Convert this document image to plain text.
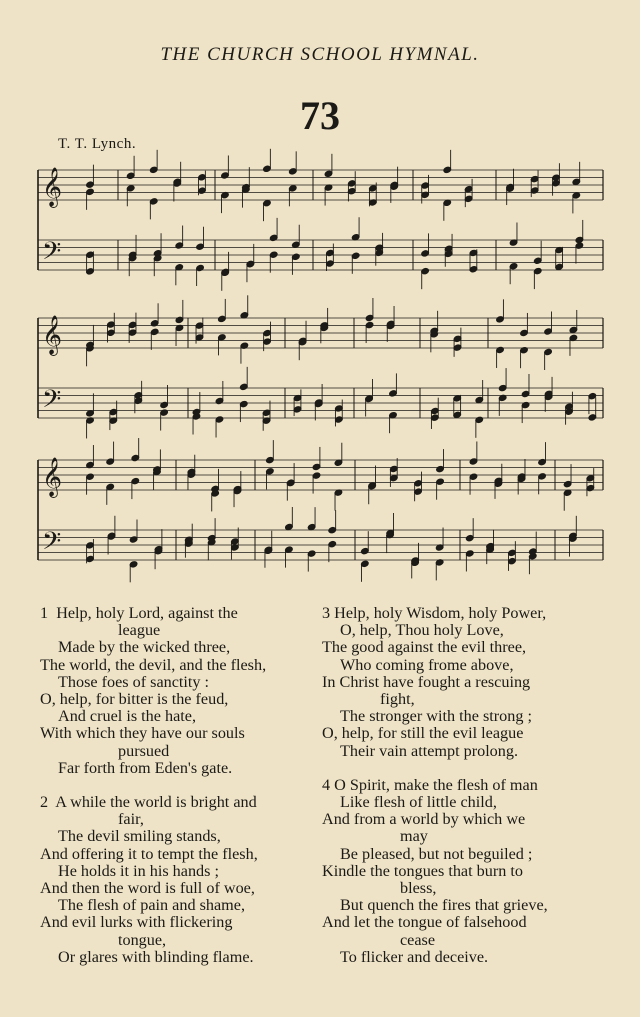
THE CHURCH SCHOOL HYMNAL.
73
T. T. Lynch.
𝄞
𝄢
𝄞
𝄢
𝄞
𝄢
1 Help, holy Lord, against the
league
Made by the wicked three,
The world, the devil, and the flesh,
Those foes of sanctity :
O, help, for bitter is the feud,
And cruel is the hate,
With which they have our souls
pursued
Far forth from Eden's gate.
2 A while the world is bright and
fair,
The devil smiling stands,
And offering it to tempt the flesh,
He holds it in his hands ;
And then the word is full of woe,
The flesh of pain and shame,
And evil lurks with flickering
tongue,
Or glares with blinding flame.
3 Help, holy Wisdom, holy Power,
O, help, Thou holy Love,
The good against the evil three,
Who coming frome above,
In Christ have fought a rescuing
fight,
The stronger with the strong ;
O, help, for still the evil league
Their vain attempt prolong.
4 O Spirit, make the flesh of man
Like flesh of little child,
And from a world by which we
may
Be pleased, but not beguiled ;
Kindle the tongues that burn to
bless,
But quench the fires that grieve,
And let the tongue of falsehood
cease
To flicker and deceive.
